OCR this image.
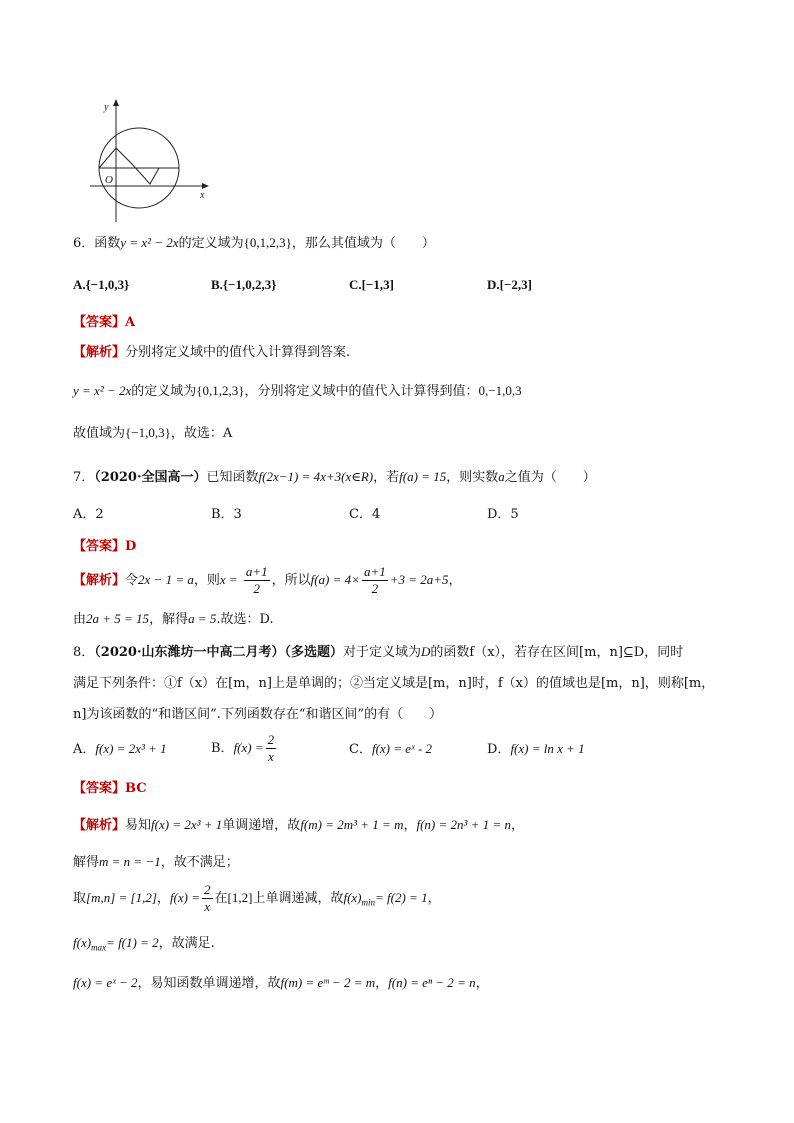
y
x
O
6．函数y = x² − 2x的定义域为{0,1,2,3}，那么其值域为（　　）
A.{−1,0,3}	B.{−1,0,2,3}	C.[−1,3]	D.[−2,3]
【答案】A
【解析】分别将定义域中的值代入计算得到答案.
y = x² − 2x的定义域为{0,1,2,3}，分别将定义域中的值代入计算得到值：0,−1,0,3
故值域为{−1,0,3}，故选：A
7．（2020·全国高一）已知函数f(2x−1) = 4x+3(x∈R)，若f(a) = 15，则实数a之值为（　　）
A．2	B．3	C．4	D．5
【答案】D
【解析】令2x − 1 = a，则$x = \frac{a+1}{2}$ ，所以$f(a) = 4\times \frac{a+1}{2} +3 = 2a+5$，
由2a + 5 = 15，解得a = 5.故选：D.
8．（2020·山东潍坊一中高二月考）（多选题）对于定义域为D的函数f（x），若存在区间[m，n]⊆D，同时
满足下列条件：①f（x）在[m，n]上是单调的；②当定义域是[m，n]时，f（x）的值域也是[m，n]，则称[m，
n]为该函数的“和谐区间”.下列函数存在“和谐区间”的有（　　）
A．f(x) = 2x³ + 1	B．$f(x) = \frac{2}{x}$	C．f(x) = eˣ - 2	D．f(x) = ln x + 1
【答案】BC
【解析】易知f(x) = 2x³ + 1单调递增，故f(m) = 2m³ + 1 = m，f(n) = 2n³ + 1 = n，
解得m = n = −1，故不满足；
取[m,n] = [1,2]，$f(x) = \frac{2}{x}$ 在[1,2]上单调递减，故$f(x)_{min}= f(2) = 1$，
$f(x)_{max}= f(1) = 2$，故满足.
f(x) = eˣ − 2，易知函数单调递增，故f(m) = eᵐ − 2 = m，f(n) = eⁿ − 2 = n，
